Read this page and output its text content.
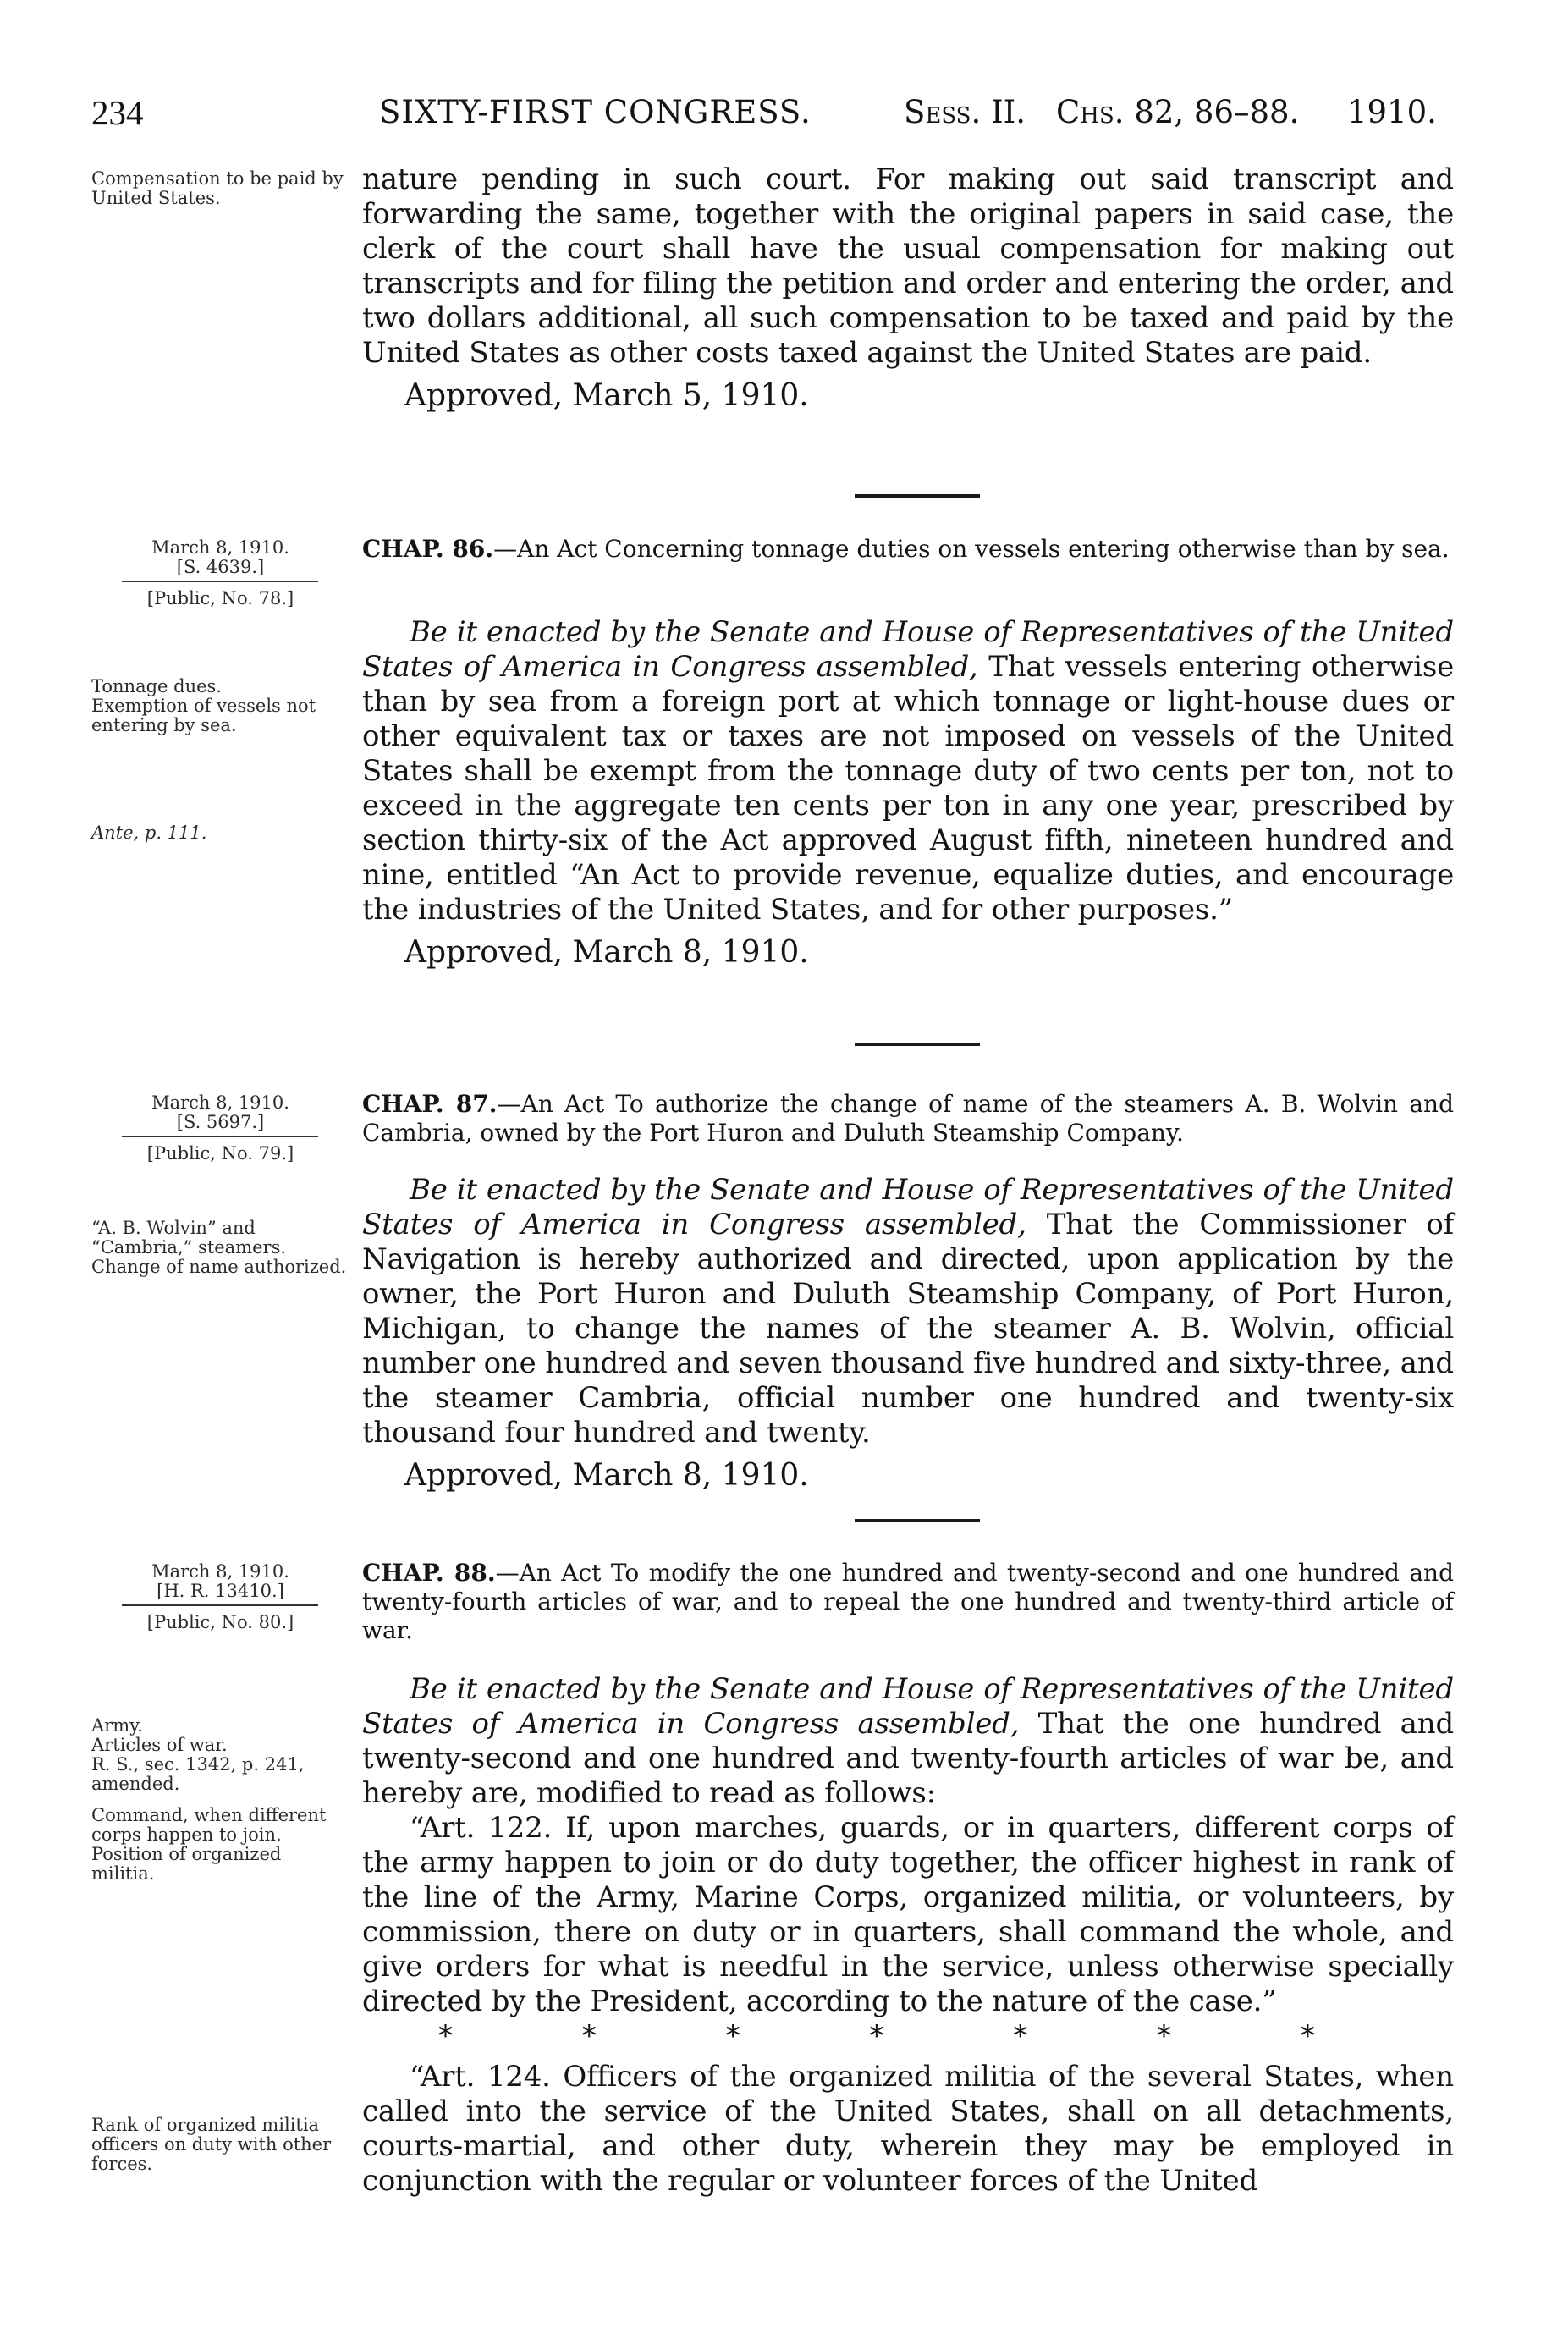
234	SIXTY-FIRST CONGRESS.	Sess. II. Chs. 82, 86–88. 1910.
Compensation to be paid by United States.

nature pending in such court. For making out said transcript and forwarding the same, together with the original papers in said case, the clerk of the court shall have the usual compensation for making out transcripts and for filing the petition and order and entering the order, and two dollars additional, all such compensation to be taxed and paid by the United States as other costs taxed against the United States are paid.

Approved, March 5, 1910.

March 8, 1910.
[S. 4639.]
[Public, No. 78.]

CHAP. 86.—An Act Concerning tonnage duties on vessels entering otherwise than by sea.

Tonnage dues.
Exemption of vessels not entering by sea.
Ante, p. 111.

Be it enacted by the Senate and House of Representatives of the United States of America in Congress assembled, That vessels entering otherwise than by sea from a foreign port at which tonnage or light-house dues or other equivalent tax or taxes are not imposed on vessels of the United States shall be exempt from the tonnage duty of two cents per ton, not to exceed in the aggregate ten cents per ton in any one year, prescribed by section thirty-six of the Act approved August fifth, nineteen hundred and nine, entitled “An Act to provide revenue, equalize duties, and encourage the industries of the United States, and for other purposes.”

Approved, March 8, 1910.

March 8, 1910.
[S. 5697.]
[Public, No. 79.]

CHAP. 87.—An Act To authorize the change of name of the steamers A. B. Wolvin and Cambria, owned by the Port Huron and Duluth Steamship Company.

“A. B. Wolvin” and “Cambria,” steamers.
Change of name authorized.

Be it enacted by the Senate and House of Representatives of the United States of America in Congress assembled, That the Commissioner of Navigation is hereby authorized and directed, upon application by the owner, the Port Huron and Duluth Steamship Company, of Port Huron, Michigan, to change the names of the steamer A. B. Wolvin, official number one hundred and seven thousand five hundred and sixty-three, and the steamer Cambria, official number one hundred and twenty-six thousand four hundred and twenty.

Approved, March 8, 1910.

March 8, 1910.
[H. R. 13410.]
[Public, No. 80.]

CHAP. 88.—An Act To modify the one hundred and twenty-second and one hundred and twenty-fourth articles of war, and to repeal the one hundred and twenty-third article of war.

Army.
Articles of war.
R. S., sec. 1342, p. 241, amended.
Command, when different corps happen to join.
Position of organized militia.
Rank of organized militia officers on duty with other forces.

Be it enacted by the Senate and House of Representatives of the United States of America in Congress assembled, That the one hundred and twenty-second and one hundred and twenty-fourth articles of war be, and hereby are, modified to read as follows:

“Art. 122. If, upon marches, guards, or in quarters, different corps of the army happen to join or do duty together, the officer highest in rank of the line of the Army, Marine Corps, organized militia, or volunteers, by commission, there on duty or in quarters, shall command the whole, and give orders for what is needful in the service, unless otherwise specially directed by the President, according to the nature of the case.”

* * * * * * *

“Art. 124. Officers of the organized militia of the several States, when called into the service of the United States, shall on all detachments, courts-martial, and other duty, wherein they may be employed in conjunction with the regular or volunteer forces of the United
